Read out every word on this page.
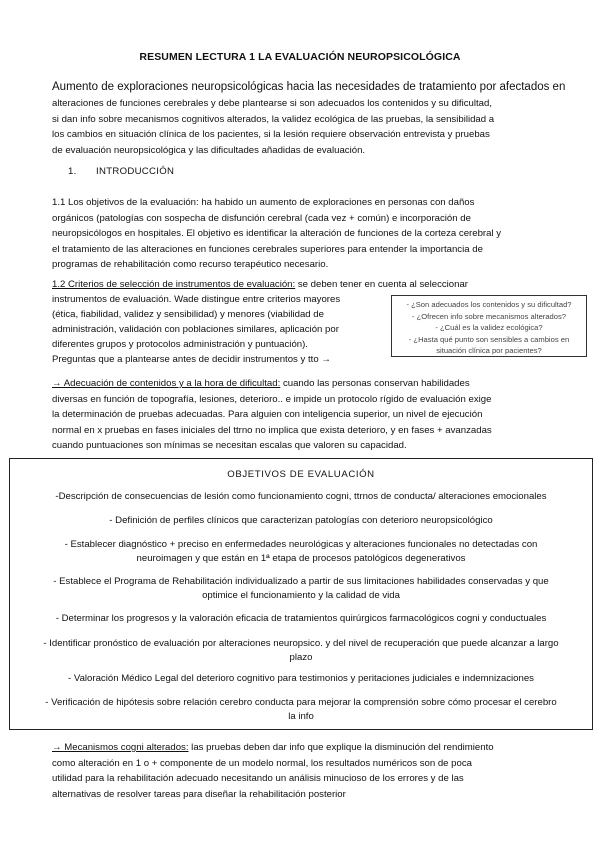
RESUMEN LECTURA 1 LA EVALUACIÓN NEUROPSICOLÓGICA
Aumento de exploraciones neuropsicológicas hacia las necesidades de tratamiento por afectados en
alteraciones de funciones cerebrales y debe plantearse si son adecuados los contenidos y su dificultad,
si dan info sobre mecanismos cognitivos alterados, la validez ecológica de las pruebas, la sensibilidad a
los cambios en situación clínica de los pacientes, si la lesión requiere observación entrevista y pruebas
de evaluación neuropsicológica y las dificultades añadidas de evaluación.
1. INTRODUCCIÓN
1.1 Los objetivos de la evaluación: ha habido un aumento de exploraciones en personas con daños
orgánicos (patologías con sospecha de disfunción cerebral (cada vez + común) e incorporación de
neuropsicólogos en hospitales. El objetivo es identificar la alteración de funciones de la corteza cerebral y
el tratamiento de las alteraciones en funciones cerebrales superiores para entender la importancia de
programas de rehabilitación como recurso terapéutico necesario.
1.2 Criterios de selección de instrumentos de evaluación: se deben tener en cuenta al seleccionar
instrumentos de evaluación. Wade distingue entre criterios mayores
(ética, fiabilidad, validez y sensibilidad) y menores (viabilidad de
administración, validación con poblaciones similares, aplicación por
diferentes grupos y protocolos administración y puntuación).
Preguntas que a plantearse antes de decidir instrumentos y tto →
- ¿Son adecuados los contenidos y su dificultad?
- ¿Ofrecen info sobre mecanismos alterados?
- ¿Cuál es la validez ecológica?
- ¿Hasta qué punto son sensibles a cambios en
situación clínica por pacientes?
→ Adecuación de contenidos y a la hora de dificultad: cuando las personas conservan habilidades
diversas en función de topografía, lesiones, deterioro.. e impide un protocolo rígido de evaluación exige
la determinación de pruebas adecuadas. Para alguien con inteligencia superior, un nivel de ejecución
normal en x pruebas en fases iniciales del ttrno no implica que exista deterioro, y en fases + avanzadas
cuando puntuaciones son mínimas se necesitan escalas que valoren su capacidad.
OBJETIVOS DE EVALUACIÓN
-Descripción de consecuencias de lesión como funcionamiento cogni, ttrnos de conducta/ alteraciones emocionales
- Definición de perfiles clínicos que caracterizan patologías con deterioro neuropsicológico
- Establecer diagnóstico + preciso en enfermedades neurológicas y alteraciones funcionales no detectadas con
neuroimagen y que están en 1ª etapa de procesos patológicos degenerativos
- Establece el Programa de Rehabilitación individualizado a partir de sus limitaciones habilidades conservadas y que
optimice el funcionamiento y la calidad de vida
- Determinar los progresos y la valoración eficacia de tratamientos quirúrgicos farmacológicos cogni y conductuales
- Identificar pronóstico de evaluación por alteraciones neuropsico. y del nivel de recuperación que puede alcanzar a largo
plazo
- Valoración Médico Legal del deterioro cognitivo para testimonios y peritaciones judiciales e indemnizaciones
- Verificación de hipótesis sobre relación cerebro conducta para mejorar la comprensión sobre cómo procesar el cerebro
la info
→ Mecanismos cogni alterados: las pruebas deben dar info que explique la disminución del rendimiento
como alteración en 1 o + componente de un modelo normal, los resultados numéricos son de poca
utilidad para la rehabilitación adecuado necesitando un análisis minucioso de los errores y de las
alternativas de resolver tareas para diseñar la rehabilitación posterior
